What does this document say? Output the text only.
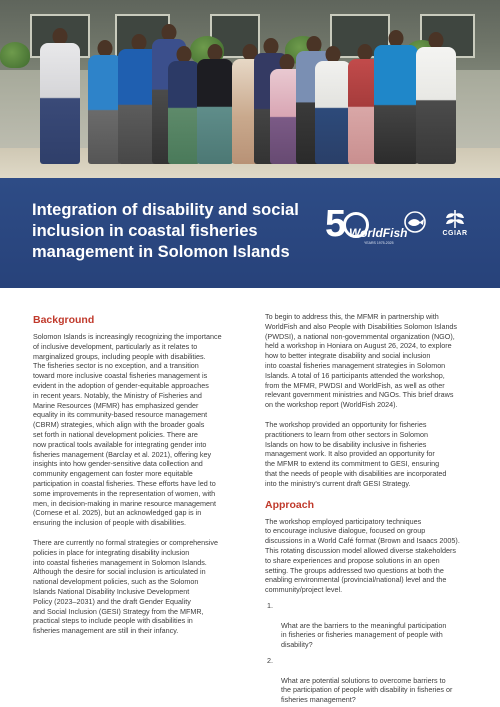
Integration of disability and social inclusion in coastal fisheries management in Solomon Islands
5 WorldFish
YEARS 1975-2025
CGIAR
Background

Solomon Islands is increasingly recognizing the importance
of inclusive development, particularly as it relates to
marginalized groups, including people with disabilities.
The fisheries sector is no exception, and a transition
toward more inclusive coastal fisheries management is
evident in the adoption of gender-equitable approaches
in recent years. Notably, the Ministry of Fisheries and
Marine Resources (MFMR) has emphasized gender
equality in its community-based resource management
(CBRM) strategies, which align with the broader goals
set forth in national development policies. There are
now practical tools available for integrating gender into
fisheries management (Barclay et al. 2021), offering key
insights into how gender-sensitive data collection and
community engagement can foster more equitable
participation in coastal fisheries. These efforts have led to
some improvements in the representation of women, with
men, in decision-making in marine resource management
(Cornese et al. 2025), but an acknowledged gap is in
ensuring the inclusion of people with disabilities.

There are currently no formal strategies or comprehensive
policies in place for integrating disability inclusion
into coastal fisheries management in Solomon Islands.
Although the desire for social inclusion is articulated in
national development policies, such as the Solomon
Islands National Disability Inclusive Development
Policy (2023–2031) and the draft Gender Equality
and Social Inclusion (GESI) Strategy from the MFMR,
practical steps to include people with disabilities in
fisheries management are still in their infancy.

To begin to address this, the MFMR in partnership with
WorldFish and also People with Disabilities Solomon Islands
(PWDSI), a national non-governmental organization (NGO),
held a workshop in Honiara on August 26, 2024, to explore
how to better integrate disability and social inclusion
into coastal fisheries management strategies in Solomon
Islands. A total of 16 participants attended the workshop,
from the MFMR, PWDSI and WorldFish, as well as other
relevant government ministries and NGOs. This brief draws
on the workshop report (WorldFish 2024).

The workshop provided an opportunity for fisheries
practitioners to learn from other sectors in Solomon
Islands on how to be disability inclusive in fisheries
management work. It also provided an opportunity for
the MFMR to extend its commitment to GESI, ensuring
that the needs of people with disabilities are incorporated
into the ministry's current draft GESI Strategy.

Approach

The workshop employed participatory techniques
to encourage inclusive dialogue, focused on group
discussions in a World Café format (Brown and Isaacs 2005).
This rotating discussion model allowed diverse stakeholders
to share experiences and propose solutions in an open
setting. The groups addressed two questions at both the
enabling environmental (provincial/national) level and the
community/project level.

1.

What are the barriers to the meaningful participation
in fisheries or fisheries management of people with
disability?

2.

What are potential solutions to overcome barriers to
the participation of people with disability in fisheries or
fisheries management?
